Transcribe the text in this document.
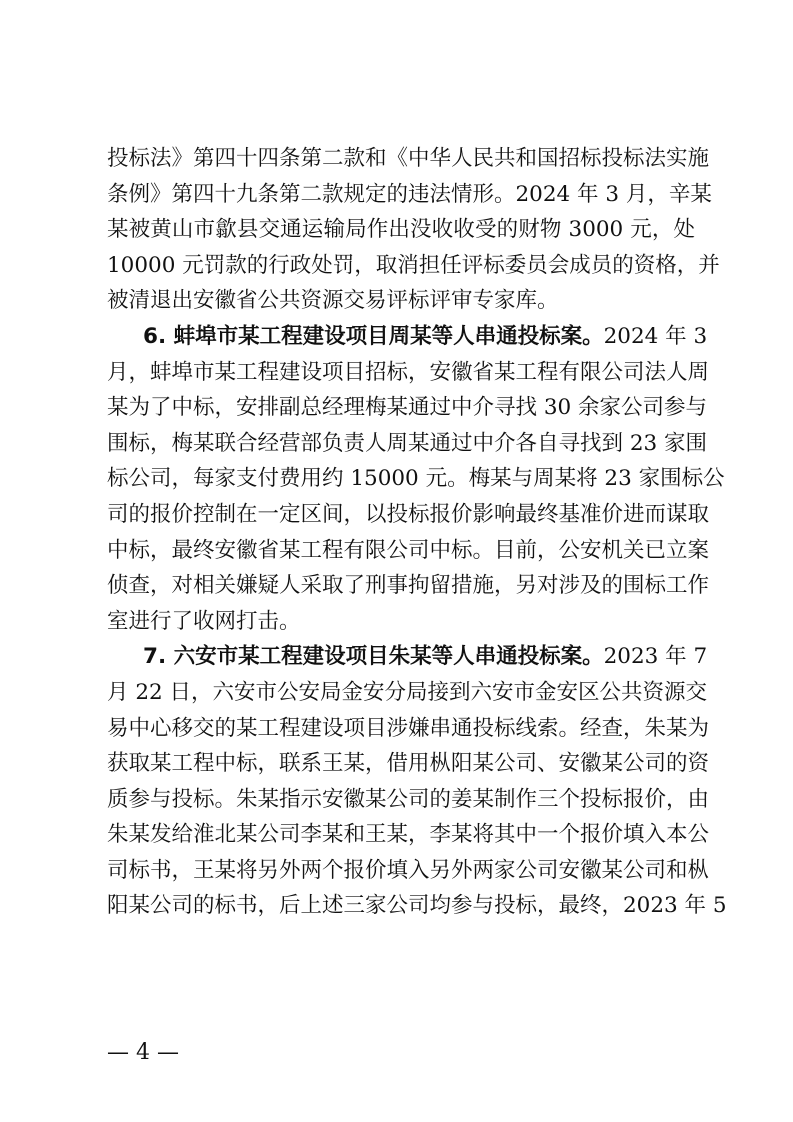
投标法》第四十四条第二款和《中华人民共和国招标投标法实施
条例》第四十九条第二款规定的违法情形。2024 年 3 月，辛某
某被黄山市歙县交通运输局作出没收收受的财物 3000 元，处
10000 元罚款的行政处罚，取消担任评标委员会成员的资格，并
被清退出安徽省公共资源交易评标评审专家库。
6. 蚌埠市某工程建设项目周某等人串通投标案。2024 年 3
月，蚌埠市某工程建设项目招标，安徽省某工程有限公司法人周
某为了中标，安排副总经理梅某通过中介寻找 30 余家公司参与
围标，梅某联合经营部负责人周某通过中介各自寻找到 23 家围
标公司，每家支付费用约 15000 元。梅某与周某将 23 家围标公
司的报价控制在一定区间，以投标报价影响最终基准价进而谋取
中标，最终安徽省某工程有限公司中标。目前，公安机关已立案
侦查，对相关嫌疑人采取了刑事拘留措施，另对涉及的围标工作
室进行了收网打击。
7. 六安市某工程建设项目朱某等人串通投标案。2023 年 7
月 22 日，六安市公安局金安分局接到六安市金安区公共资源交
易中心移交的某工程建设项目涉嫌串通投标线索。经查，朱某为
获取某工程中标，联系王某，借用枞阳某公司、安徽某公司的资
质参与投标。朱某指示安徽某公司的姜某制作三个投标报价，由
朱某发给淮北某公司李某和王某，李某将其中一个报价填入本公
司标书，王某将另外两个报价填入另外两家公司安徽某公司和枞
阳某公司的标书，后上述三家公司均参与投标，最终，2023 年 5
— 4 —
